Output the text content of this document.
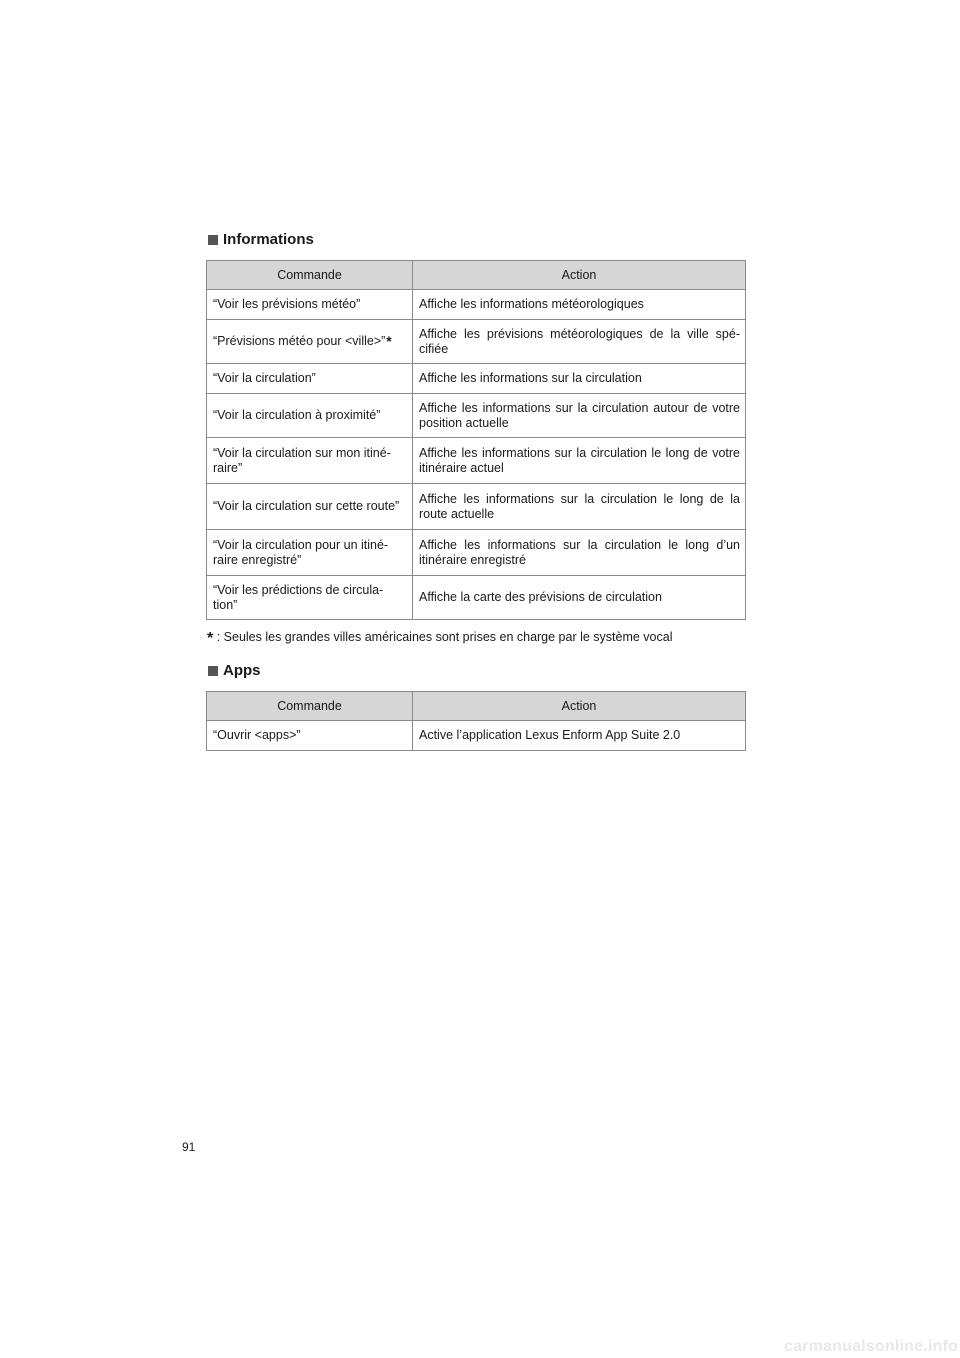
Informations
Commande	Action
“Voir les prévisions météo”	Affiche les informations météorologiques
“Prévisions météo pour <ville>”*	Affiche les prévisions météorologiques de la ville spé-cifiée
“Voir la circulation”	Affiche les informations sur la circulation
“Voir la circulation à proximité”	Affiche les informations sur la circulation autour de votre position actuelle
“Voir la circulation sur mon itiné-raire”	Affiche les informations sur la circulation le long de votre itinéraire actuel
“Voir la circulation sur cette route”	Affiche les informations sur la circulation le long de la route actuelle
“Voir la circulation pour un itiné-raire enregistré”	Affiche les informations sur la circulation le long d’un itinéraire enregistré
“Voir les prédictions de circula-tion”	Affiche la carte des prévisions de circulation
* : Seules les grandes villes américaines sont prises en charge par le système vocal
Apps
Commande	Action
“Ouvrir <apps>”	Active l’application Lexus Enform App Suite 2.0
91
carmanualsonline.info
